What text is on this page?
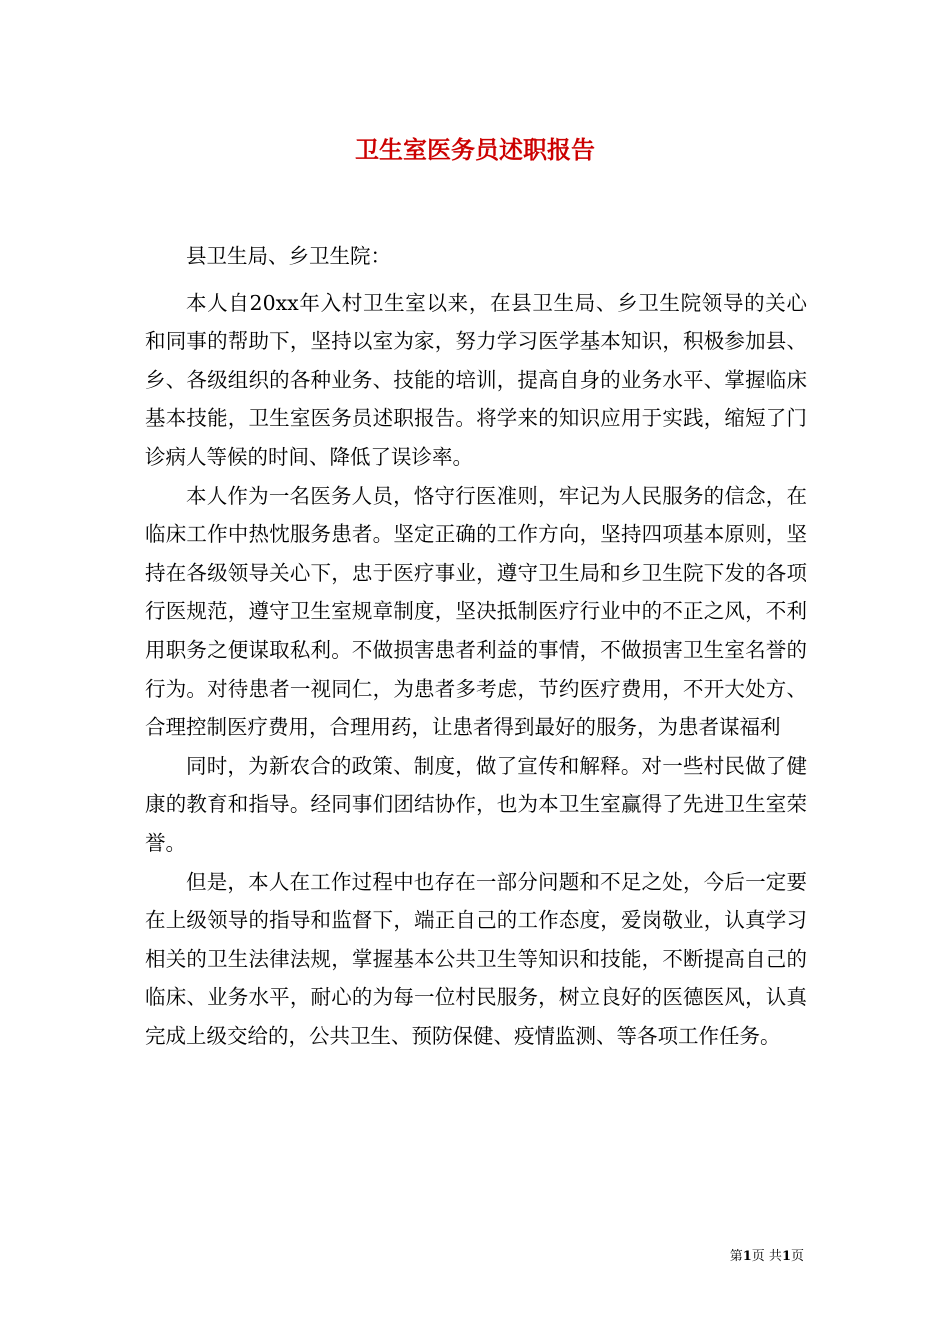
卫生室医务员述职报告

县卫生局、乡卫生院：

本人自20xx年入村卫生室以来，在县卫生局、乡卫生院领导的关心和同事的帮助下，坚持以室为家，努力学习医学基本知识，积极参加县、乡、各级组织的各种业务、技能的培训，提高自身的业务水平、掌握临床基本技能，卫生室医务员述职报告。将学来的知识应用于实践，缩短了门诊病人等候的时间、降低了误诊率。

本人作为一名医务人员，恪守行医准则，牢记为人民服务的信念，在临床工作中热忱服务患者。坚定正确的工作方向，坚持四项基本原则，坚持在各级领导关心下，忠于医疗事业，遵守卫生局和乡卫生院下发的各项行医规范，遵守卫生室规章制度，坚决抵制医疗行业中的不正之风，不利用职务之便谋取私利。不做损害患者利益的事情，不做损害卫生室名誉的行为。对待患者一视同仁，为患者多考虑，节约医疗费用，不开大处方、合理控制医疗费用，合理用药，让患者得到最好的服务，为患者谋福利

同时，为新农合的政策、制度，做了宣传和解释。对一些村民做了健康的教育和指导。经同事们团结协作，也为本卫生室赢得了先进卫生室荣誉。

但是，本人在工作过程中也存在一部分问题和不足之处，今后一定要在上级领导的指导和监督下，端正自己的工作态度，爱岗敬业，认真学习相关的卫生法律法规，掌握基本公共卫生等知识和技能，不断提高自己的临床、业务水平，耐心的为每一位村民服务，树立良好的医德医风，认真完成上级交给的，公共卫生、预防保健、疫情监测、等各项工作任务。

第1页 共1页
